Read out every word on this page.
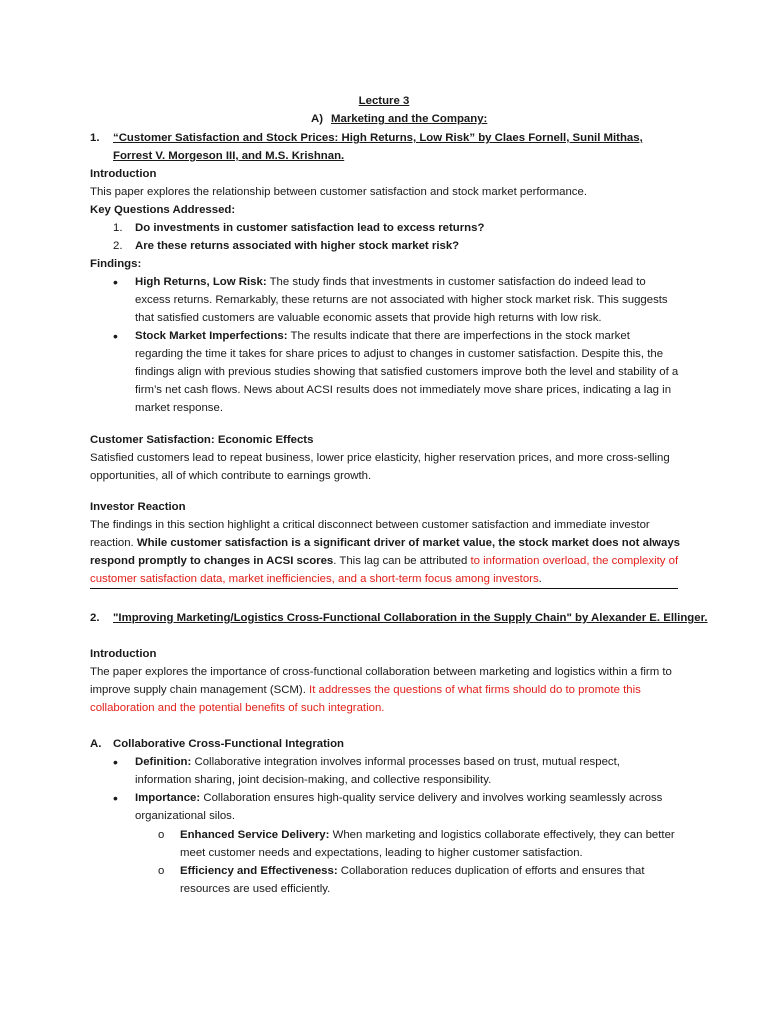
Lecture 3
A) Marketing and the Company:
1. “Customer Satisfaction and Stock Prices: High Returns, Low Risk” by Claes Fornell, Sunil Mithas, Forrest V. Morgeson III, and M.S. Krishnan.
Introduction
This paper explores the relationship between customer satisfaction and stock market performance.
Key Questions Addressed:
1. Do investments in customer satisfaction lead to excess returns?
2. Are these returns associated with higher stock market risk?
Findings:
• High Returns, Low Risk: The study finds that investments in customer satisfaction do indeed lead to excess returns. Remarkably, these returns are not associated with higher stock market risk. This suggests that satisfied customers are valuable economic assets that provide high returns with low risk.
• Stock Market Imperfections: The results indicate that there are imperfections in the stock market regarding the time it takes for share prices to adjust to changes in customer satisfaction. Despite this, the findings align with previous studies showing that satisfied customers improve both the level and stability of a firm’s net cash flows. News about ACSI results does not immediately move share prices, indicating a lag in market response.
Customer Satisfaction: Economic Effects
Satisfied customers lead to repeat business, lower price elasticity, higher reservation prices, and more cross-selling opportunities, all of which contribute to earnings growth.
Investor Reaction
The findings in this section highlight a critical disconnect between customer satisfaction and immediate investor reaction. While customer satisfaction is a significant driver of market value, the stock market does not always respond promptly to changes in ACSI scores. This lag can be attributed to information overload, the complexity of customer satisfaction data, market inefficiencies, and a short-term focus among investors.
2. "Improving Marketing/Logistics Cross-Functional Collaboration in the Supply Chain" by Alexander E. Ellinger.
Introduction
The paper explores the importance of cross-functional collaboration between marketing and logistics within a firm to improve supply chain management (SCM). It addresses the questions of what firms should do to promote this collaboration and the potential benefits of such integration.
A. Collaborative Cross-Functional Integration
• Definition: Collaborative integration involves informal processes based on trust, mutual respect, information sharing, joint decision-making, and collective responsibility.
• Importance: Collaboration ensures high-quality service delivery and involves working seamlessly across organizational silos.
o Enhanced Service Delivery: When marketing and logistics collaborate effectively, they can better meet customer needs and expectations, leading to higher customer satisfaction.
o Efficiency and Effectiveness: Collaboration reduces duplication of efforts and ensures that resources are used efficiently.
